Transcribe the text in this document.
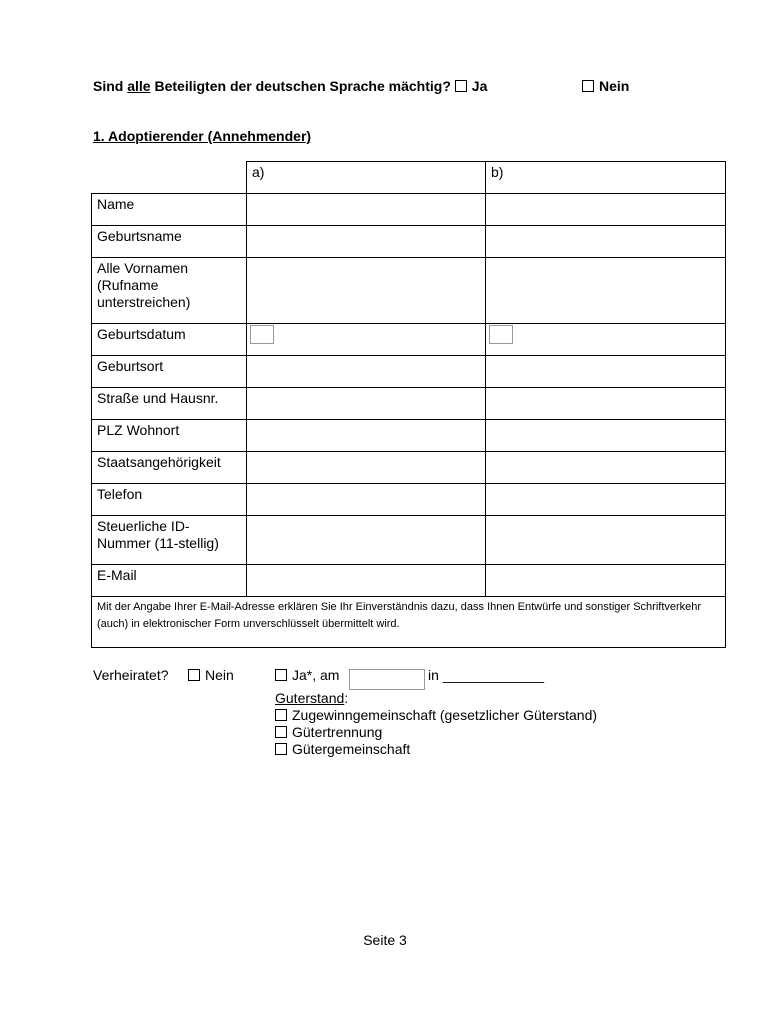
Sind alle Beteiligten der deutschen Sprache mächtig? Ja	Nein
1. Adoptierender (Annehmender)
	a)	b)
Name		
Geburtsname		
Alle Vornamen (Rufname unterstreichen)		
Geburtsdatum		
Geburtsort		
Straße und Hausnr.		
PLZ Wohnort		
Staatsangehörigkeit		
Telefon		
Steuerliche ID-Nummer (11-stellig)		
E-Mail		
Mit der Angabe Ihrer E-Mail-Adresse erklären Sie Ihr Einverständnis dazu, dass Ihnen Entwürfe und sonstiger Schriftverkehr (auch) in elektronischer Form unverschlüsselt übermittelt wird.		
Verheiratet?	Nein	Ja*, am	in _____________
Guterstand:
Zugewinngemeinschaft (gesetzlicher Güterstand)
Gütertrennung
Gütergemeinschaft
Seite 3
